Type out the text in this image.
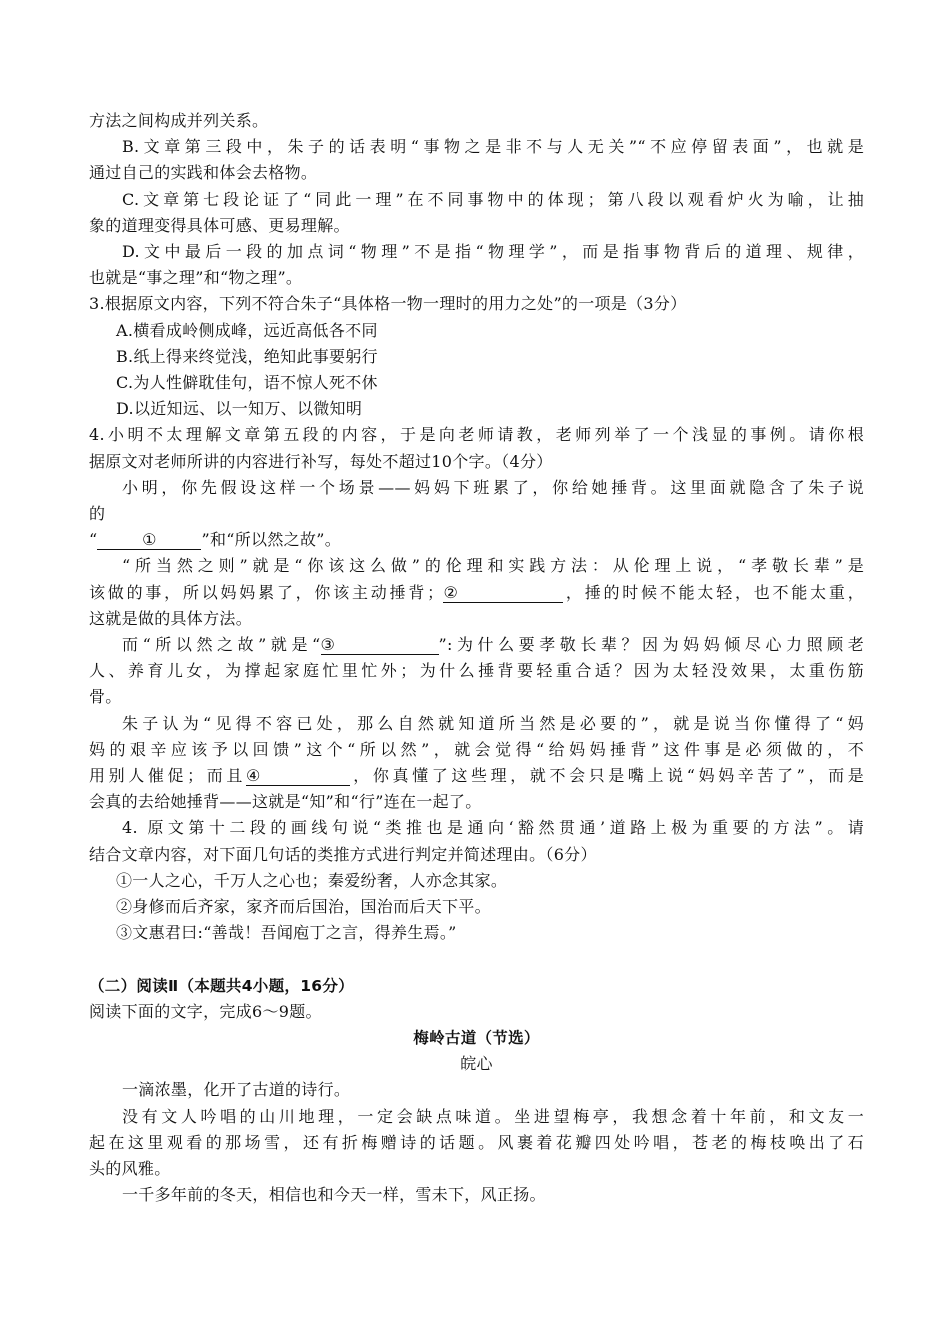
方法之间构成并列关系。
B.文章第三段中，朱子的话表明“事物之是非不与人无关”“不应停留表面”，也就是
通过自己的实践和体会去格物。
C.文章第七段论证了“同此一理”在不同事物中的体现；第八段以观看炉火为喻，让抽
象的道理变得具体可感、更易理解。
D.文中最后一段的加点词“物理”不是指“物理学”，而是指事物背后的道理、规律，
也就是“事之理”和“物之理”。
3.根据原文内容，下列不符合朱子“具体格一物一理时的用力之处”的一项是（3分）
A.横看成岭侧成峰，远近高低各不同
B.纸上得来终觉浅，绝知此事要躬行
C.为人性僻耽佳句，语不惊人死不休
D.以近知远、以一知万、以微知明
4.小明不太理解文章第五段的内容，于是向老师请教，老师列举了一个浅显的事例。请你根
据原文对老师所讲的内容进行补写，每处不超过10个字。（4分）
小明，你先假设这样一个场景——妈妈下班累了，你给她捶背。这里面就隐含了朱子说
的
“	①	”和“所以然之故”。
“所当然之则”就是“你该这么做”的伦理和实践方法：从伦理上说，“孝敬长辈”是
该做的事，所以妈妈累了，你该主动捶背；②	，捶的时候不能太轻，也不能太重，
这就是做的具体方法。
而“所以然之故”就是“③	”:为什么要孝敬长辈？因为妈妈倾尽心力照顾老
人、养育儿女，为撑起家庭忙里忙外；为什么捶背要轻重合适？因为太轻没效果，太重伤筋
骨。
朱子认为“见得不容已处，那么自然就知道所当然是必要的”，就是说当你懂得了“妈
妈的艰辛应该予以回馈”这个“所以然”，就会觉得“给妈妈捶背”这件事是必须做的，不
用别人催促；而且④	，你真懂了这些理，就不会只是嘴上说“妈妈辛苦了”，而是
会真的去给她捶背——这就是“知”和“行”连在一起了。
4. 原文第十二段的画线句说“类推也是通向‘豁然贯通’道路上极为重要的方法”。请
结合文章内容，对下面几句话的类推方式进行判定并简述理由。（6分）
①一人之心，千万人之心也；秦爱纷奢，人亦念其家。
②身修而后齐家，家齐而后国治，国治而后天下平。
③文惠君曰:“善哉！吾闻庖丁之言，得养生焉。”
（二）阅读Ⅱ（本题共4小题，16分）
阅读下面的文字，完成6～9题。
梅岭古道（节选）
皖心
一滴浓墨，化开了古道的诗行。
没有文人吟唱的山川地理，一定会缺点味道。坐进望梅亭，我想念着十年前，和文友一
起在这里观看的那场雪，还有折梅赠诗的话题。风裹着花瓣四处吟唱，苍老的梅枝唤出了石
头的风雅。
一千多年前的冬天，相信也和今天一样，雪未下，风正扬。
